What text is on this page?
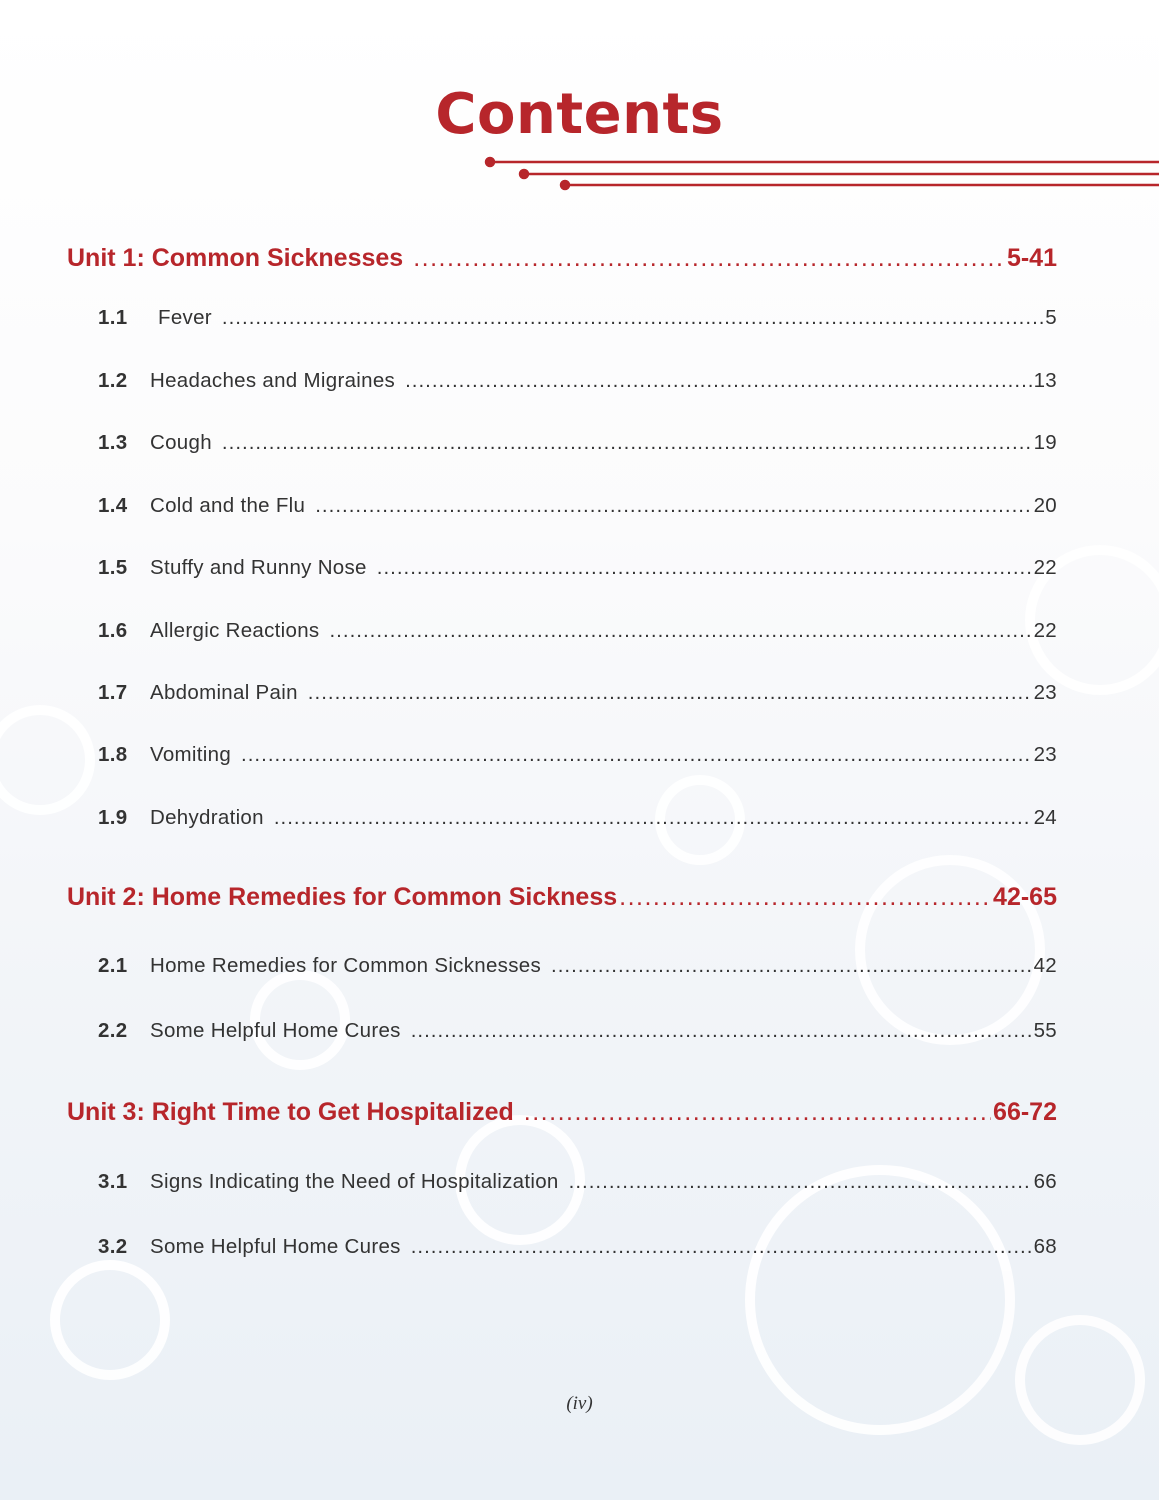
Contents
Unit 1: Common Sicknesses .....	5-41
1.1	Fever .....	5
1.2	Headaches and Migraines .....	13
1.3	Cough .....	19
1.4	Cold and the Flu .....	20
1.5	Stuffy and Runny Nose .....	22
1.6	Allergic Reactions .....	22
1.7	Abdominal Pain .....	23
1.8	Vomiting .....	23
1.9	Dehydration .....	24
Unit 2: Home Remedies for Common Sickness .....	42-65
2.1	Home Remedies for Common Sicknesses .....	42
2.2	Some Helpful Home Cures .....	55
Unit 3: Right Time to Get Hospitalized .....	66-72
3.1	Signs Indicating the Need of Hospitalization .....	66
3.2	Some Helpful Home Cures .....	68
(iv)
